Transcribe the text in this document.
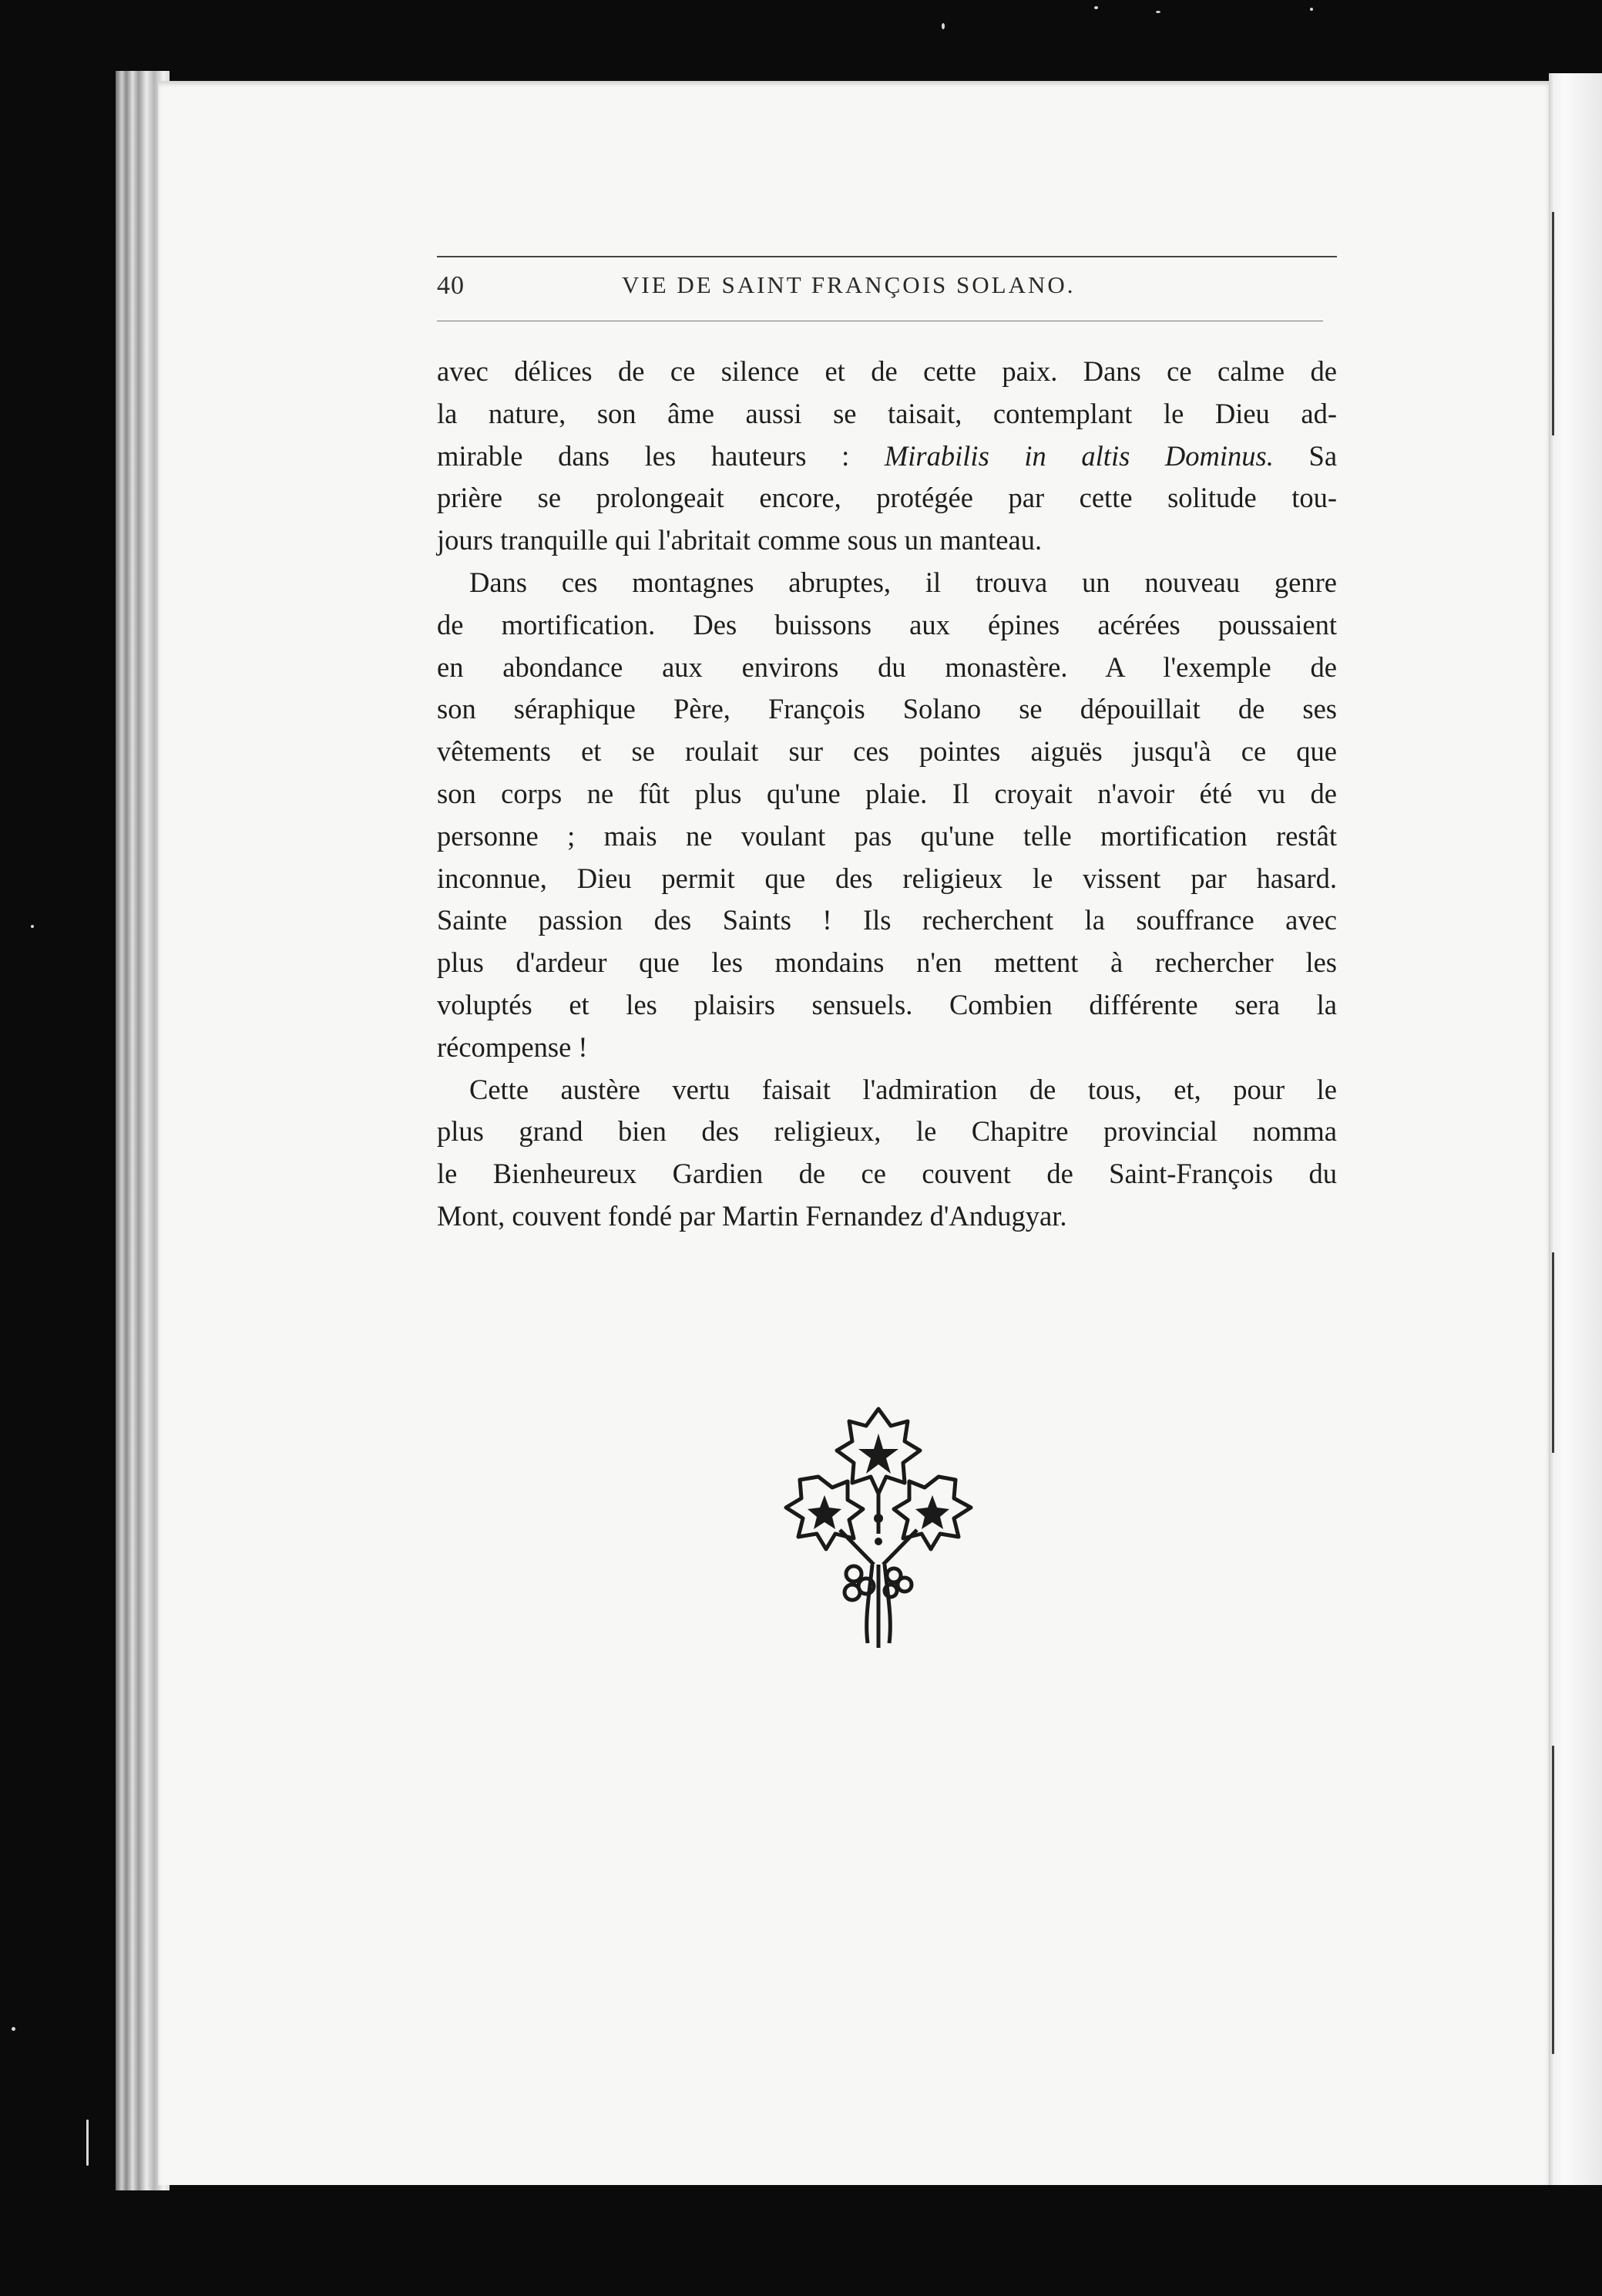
40	VIE DE SAINT FRANÇOIS SOLANO.
avec délices de ce silence et de cette paix. Dans ce calme de
la nature, son âme aussi se taisait, contemplant le Dieu ad-
mirable dans les hauteurs : Mirabilis in altis Dominus. Sa
prière se prolongeait encore, protégée par cette solitude tou-
jours tranquille qui l'abritait comme sous un manteau.
Dans ces montagnes abruptes, il trouva un nouveau genre
de mortification. Des buissons aux épines acérées poussaient
en abondance aux environs du monastère. A l'exemple de
son séraphique Père, François Solano se dépouillait de ses
vêtements et se roulait sur ces pointes aiguës jusqu'à ce que
son corps ne fût plus qu'une plaie. Il croyait n'avoir été vu de
personne ; mais ne voulant pas qu'une telle mortification restât
inconnue, Dieu permit que des religieux le vissent par hasard.
Sainte passion des Saints ! Ils recherchent la souffrance avec
plus d'ardeur que les mondains n'en mettent à rechercher les
voluptés et les plaisirs sensuels. Combien différente sera la
récompense !
Cette austère vertu faisait l'admiration de tous, et, pour le
plus grand bien des religieux, le Chapitre provincial nomma
le Bienheureux Gardien de ce couvent de Saint-François du
Mont, couvent fondé par Martin Fernandez d'Andugyar.
